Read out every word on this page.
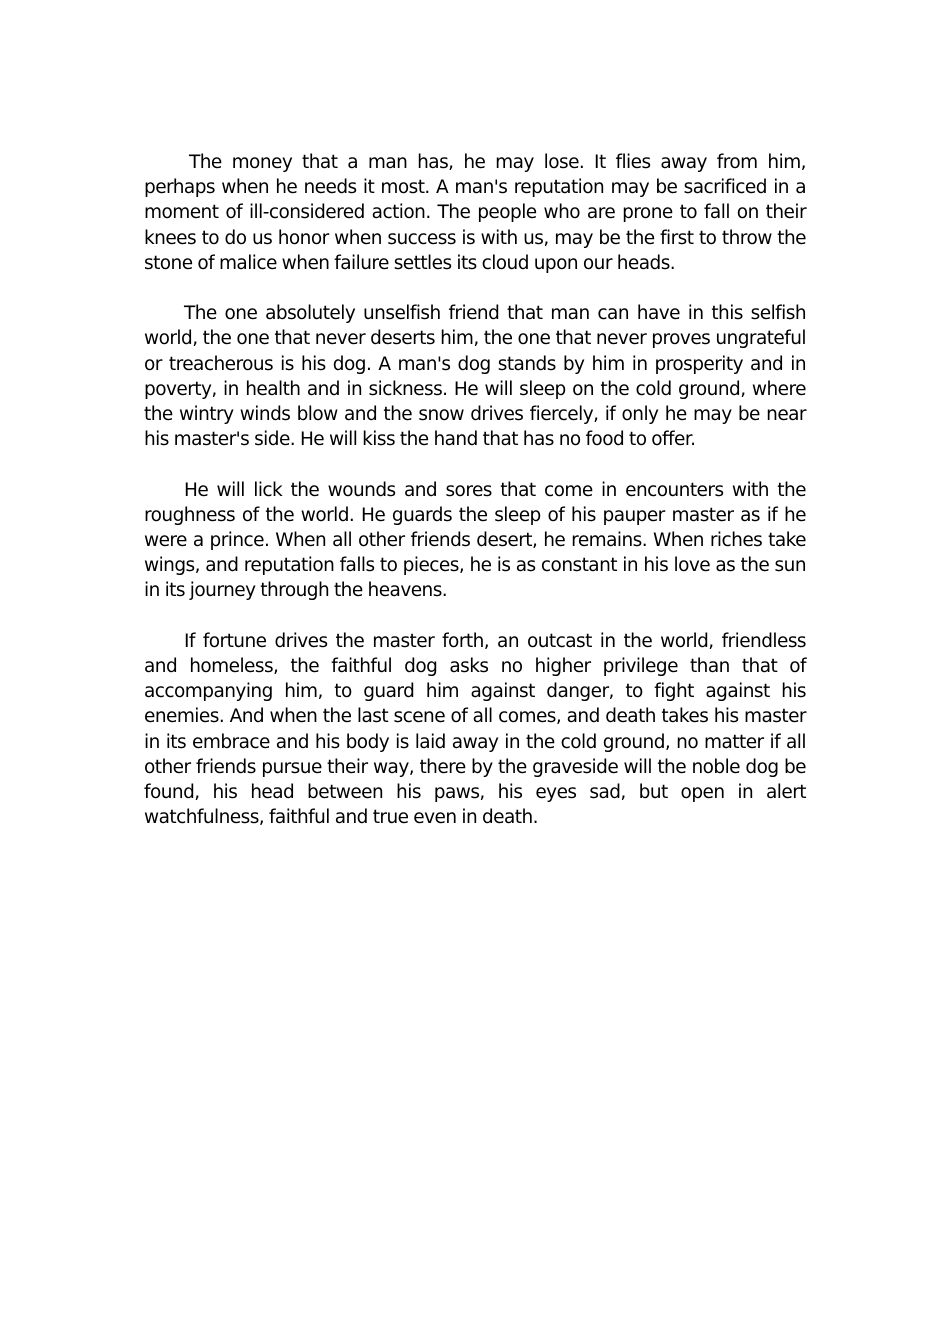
The money that a man has, he may lose. It flies away from him, perhaps when he needs it most. A man's reputation may be sacrificed in a moment of ill-considered action. The people who are prone to fall on their knees to do us honor when success is with us, may be the first to throw the stone of malice when failure settles its cloud upon our heads.

The one absolutely unselfish friend that man can have in this selfish world, the one that never deserts him, the one that never proves ungrateful or treacherous is his dog. A man's dog stands by him in prosperity and in poverty, in health and in sickness. He will sleep on the cold ground, where the wintry winds blow and the snow drives fiercely, if only he may be near his master's side. He will kiss the hand that has no food to offer.

He will lick the wounds and sores that come in encounters with the roughness of the world. He guards the sleep of his pauper master as if he were a prince. When all other friends desert, he remains. When riches take wings, and reputation falls to pieces, he is as constant in his love as the sun in its journey through the heavens.

If fortune drives the master forth, an outcast in the world, friendless and homeless, the faithful dog asks no higher privilege than that of accompanying him, to guard him against danger, to fight against his enemies. And when the last scene of all comes, and death takes his master in its embrace and his body is laid away in the cold ground, no matter if all other friends pursue their way, there by the graveside will the noble dog be found, his head between his paws, his eyes sad, but open in alert watchfulness, faithful and true even in death.
